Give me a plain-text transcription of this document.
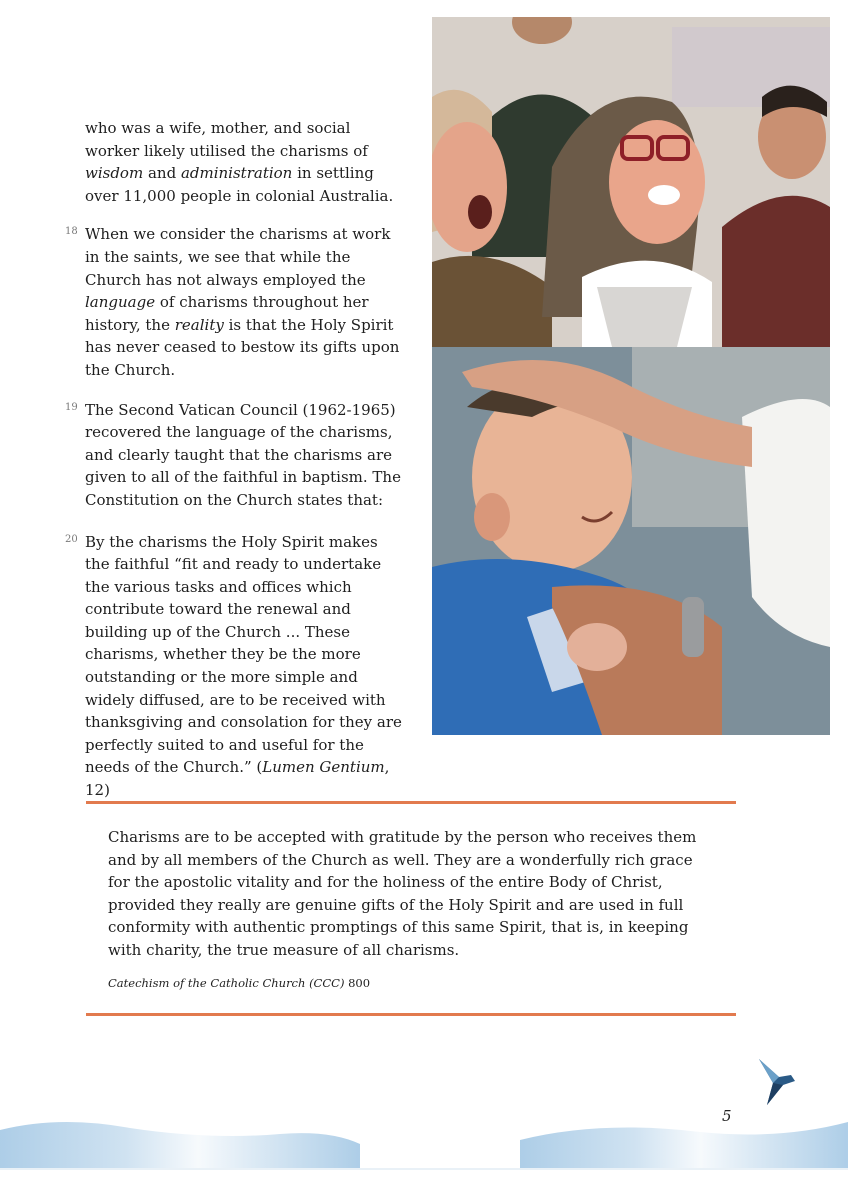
who was a wife, mother, and social worker likely utilised the charisms of wisdom and administration in settling over 11,000 people in colonial Australia.

18 When we consider the charisms at work in the saints, we see that while the Church has not always employed the language of charisms throughout her history, the reality is that the Holy Spirit has never ceased to bestow its gifts upon the Church.

19 The Second Vatican Council (1962-1965) recovered the language of the charisms, and clearly taught that the charisms are given to all of the faithful in baptism. The Constitution on the Church states that:

20 By the charisms the Holy Spirit makes the faithful “fit and ready to undertake the various tasks and offices which contribute toward the renewal and building up of the Church ... These charisms, whether they be the more outstanding or the more simple and widely diffused, are to be received with thanksgiving and consolation for they are perfectly suited to and useful for the needs of the Church.” (Lumen Gentium, 12)

Charisms are to be accepted with gratitude by the person who receives them and by all members of the Church as well. They are a wonderfully rich grace for the apostolic vitality and for the holiness of the entire Body of Christ, provided they really are genuine gifts of the Holy Spirit and are used in full conformity with authentic promptings of this same Spirit, that is, in keeping with charity, the true measure of all charisms.

Catechism of the Catholic Church (CCC) 800
5
